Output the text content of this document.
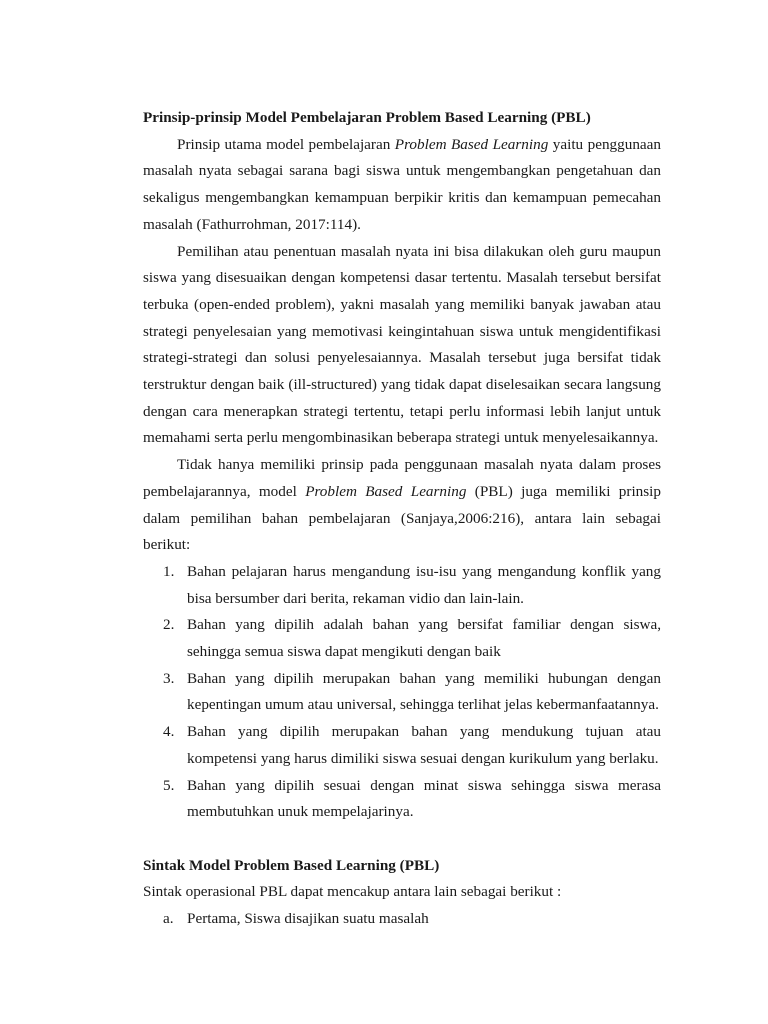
Prinsip-prinsip Model Pembelajaran Problem Based Learning (PBL)

Prinsip utama model pembelajaran Problem Based Learning yaitu penggunaan masalah nyata sebagai sarana bagi siswa untuk mengembangkan pengetahuan dan sekaligus mengembangkan kemampuan berpikir kritis dan kemampuan pemecahan masalah (Fathurrohman, 2017:114).

Pemilihan atau penentuan masalah nyata ini bisa dilakukan oleh guru maupun siswa yang disesuaikan dengan kompetensi dasar tertentu. Masalah tersebut bersifat terbuka (open-ended problem), yakni masalah yang memiliki banyak jawaban atau strategi penyelesaian yang memotivasi keingintahuan siswa untuk mengidentifikasi strategi-strategi dan solusi penyelesaiannya. Masalah tersebut juga bersifat tidak terstruktur dengan baik (ill-structured) yang tidak dapat diselesaikan secara langsung dengan cara menerapkan strategi tertentu, tetapi perlu informasi lebih lanjut untuk memahami serta perlu mengombinasikan beberapa strategi untuk menyelesaikannya.

Tidak hanya memiliki prinsip pada penggunaan masalah nyata dalam proses pembelajarannya, model Problem Based Learning (PBL) juga memiliki prinsip dalam pemilihan bahan pembelajaran (Sanjaya,2006:216), antara lain sebagai berikut:

1. Bahan pelajaran harus mengandung isu-isu yang mengandung konflik yang bisa bersumber dari berita, rekaman vidio dan lain-lain.
2. Bahan yang dipilih adalah bahan yang bersifat familiar dengan siswa, sehingga semua siswa dapat mengikuti dengan baik
3. Bahan yang dipilih merupakan bahan yang memiliki hubungan dengan kepentingan umum atau universal, sehingga terlihat jelas kebermanfaatannya.
4. Bahan yang dipilih merupakan bahan yang mendukung tujuan atau kompetensi yang harus dimiliki siswa sesuai dengan kurikulum yang berlaku.
5. Bahan yang dipilih sesuai dengan minat siswa sehingga siswa merasa membutuhkan unuk mempelajarinya.

Sintak Model Problem Based Learning (PBL)

Sintak operasional PBL dapat mencakup antara lain sebagai berikut :

a. Pertama, Siswa disajikan suatu masalah
